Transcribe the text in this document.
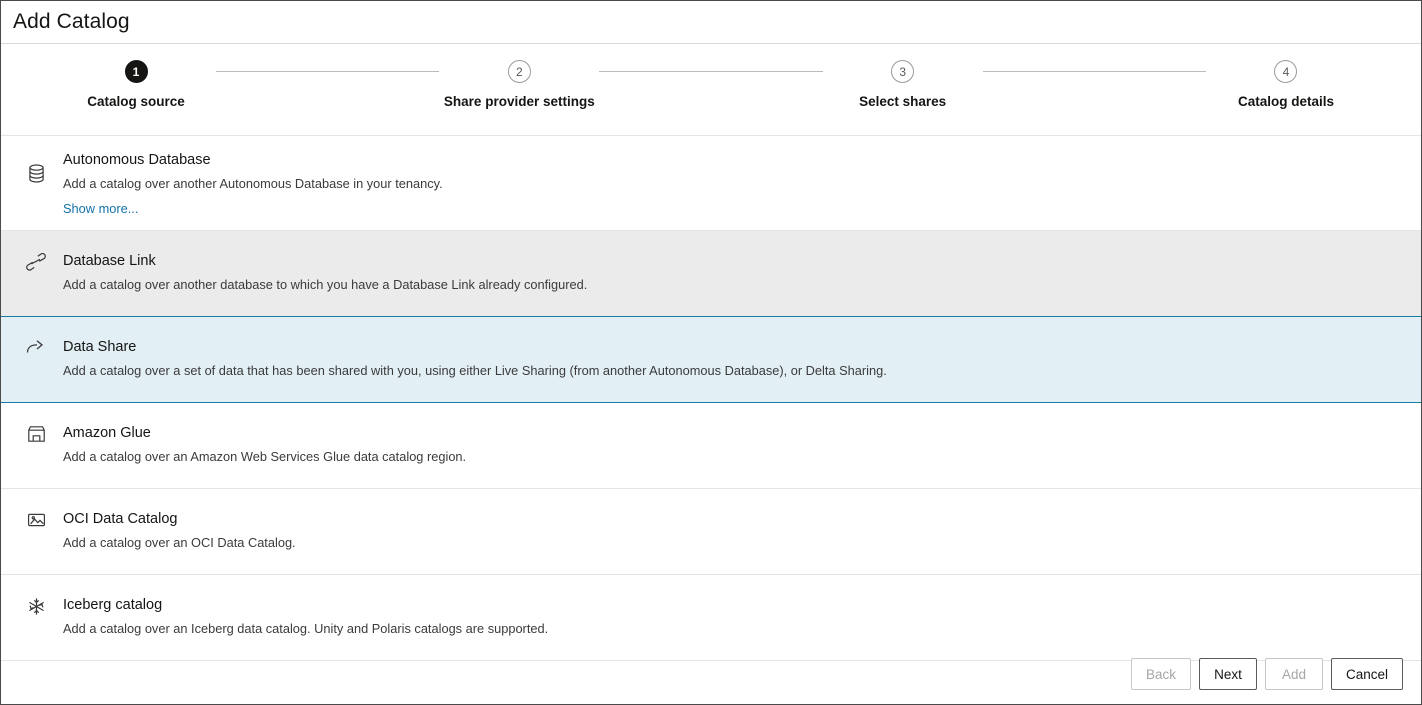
Add Catalog
1
Catalog source
2
Share provider settings
3
Select shares
4
Catalog details
Autonomous Database
Add a catalog over another Autonomous Database in your tenancy.
Show more...
Database Link
Add a catalog over another database to which you have a Database Link already configured.
Data Share
Add a catalog over a set of data that has been shared with you, using either Live Sharing (from another Autonomous Database), or Delta Sharing.
Amazon Glue
Add a catalog over an Amazon Web Services Glue data catalog region.
OCI Data Catalog
Add a catalog over an OCI Data Catalog.
Iceberg catalog
Add a catalog over an Iceberg data catalog. Unity and Polaris catalogs are supported.
Back	Next	Add	Cancel
